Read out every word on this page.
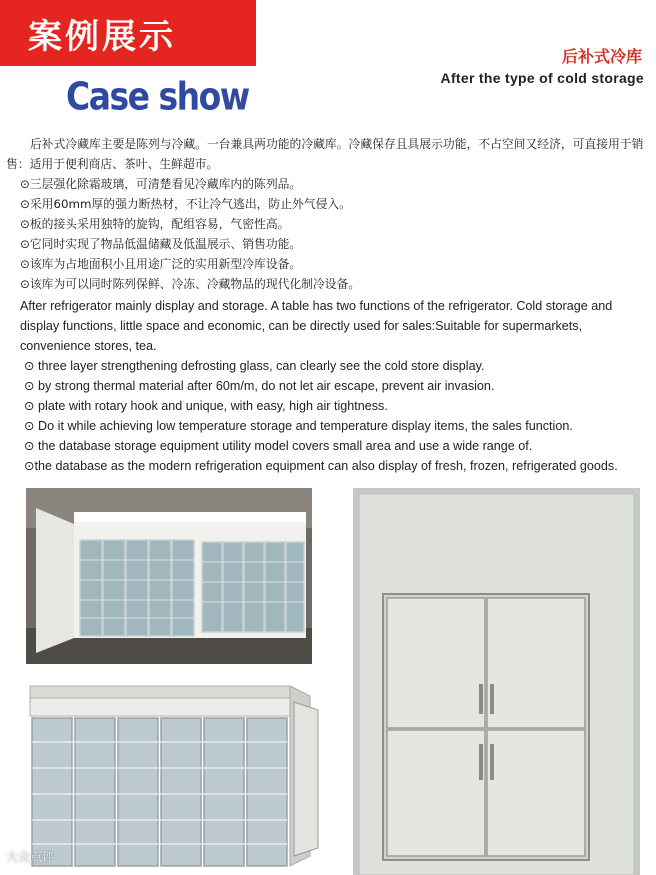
案例展示
Case show
后补式冷库
After the type of cold storage

后补式冷藏库主要是陈列与冷藏。一台兼具两功能的冷藏库。冷藏保存且具展示功能，不占空间又经济，可直接用于销售：适用于便利商店、茶叶、生鲜超市。

⊙三层强化除霜玻璃，可清楚看见冷藏库内的陈列品。

⊙采用60mm厚的强力断热材，不让冷气逃出，防止外气侵入。

⊙板的接头采用独特的旋钩，配组容易，气密性高。

⊙它同时实现了物品低温储藏及低温展示、销售功能。

⊙该库为占地面积小且用途广泛的实用新型冷库设备。

⊙该库为可以同时陈列保鲜、冷冻、冷藏物品的现代化制冷设备。

After refrigerator mainly display and storage. A table has two functions of the refrigerator. Cold storage and display functions, little space and economic, can be directly used for sales:Suitable for supermarkets, convenience stores, tea.

⊙ three layer strengthening defrosting glass, can clearly see the cold store display.

⊙ by strong thermal material after 60m/m, do not let air escape, prevent air invasion.

⊙ plate with rotary hook and unique, with easy, high air tightness.

⊙ Do it while achieving low temperature storage and temperature display items, the sales function.

⊙ the database storage equipment utility model covers small area and use a wide range of.

⊙the database as the modern refrigeration equipment can also display of fresh, frozen, refrigerated goods.

大众点评
